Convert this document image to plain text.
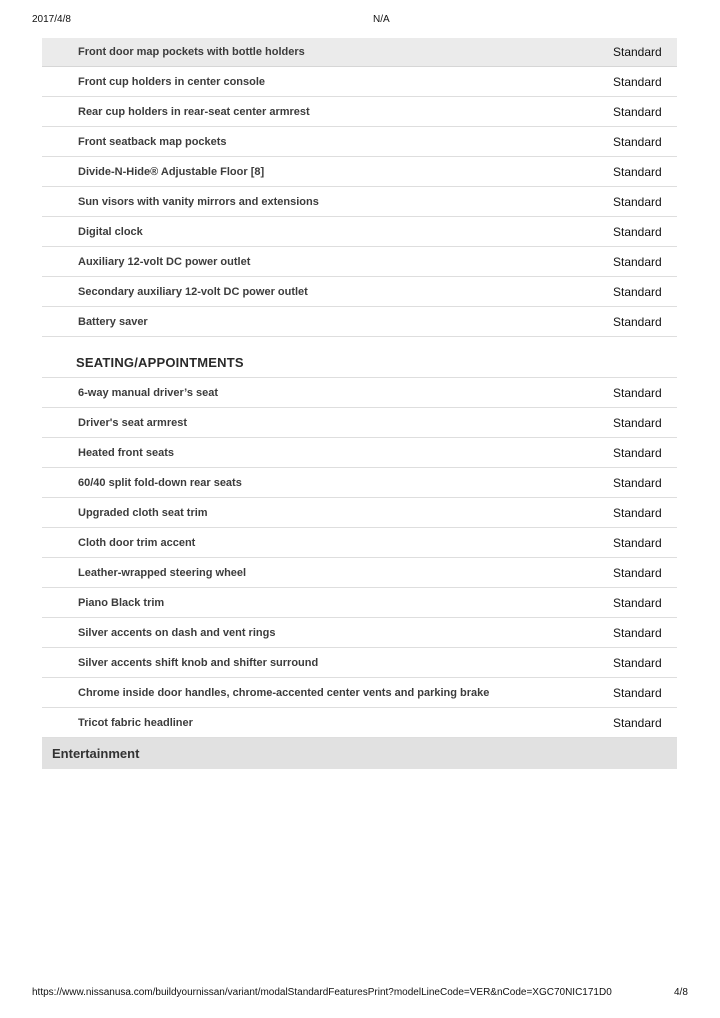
2017/4/8	N/A
Front door map pockets with bottle holders	Standard
Front cup holders in center console	Standard
Rear cup holders in rear-seat center armrest	Standard
Front seatback map pockets	Standard
Divide-N-Hide® Adjustable Floor [8]	Standard
Sun visors with vanity mirrors and extensions	Standard
Digital clock	Standard
Auxiliary 12-volt DC power outlet	Standard
Secondary auxiliary 12-volt DC power outlet	Standard
Battery saver	Standard
SEATING/APPOINTMENTS
6-way manual driver’s seat	Standard
Driver's seat armrest	Standard
Heated front seats	Standard
60/40 split fold-down rear seats	Standard
Upgraded cloth seat trim	Standard
Cloth door trim accent	Standard
Leather-wrapped steering wheel	Standard
Piano Black trim	Standard
Silver accents on dash and vent rings	Standard
Silver accents shift knob and shifter surround	Standard
Chrome inside door handles, chrome-accented center vents and parking brake	Standard
Tricot fabric headliner	Standard
Entertainment
https://www.nissanusa.com/buildyournissan/variant/modalStandardFeaturesPrint?modelLineCode=VER&nCode=XGC70NIC171D0	4/8
